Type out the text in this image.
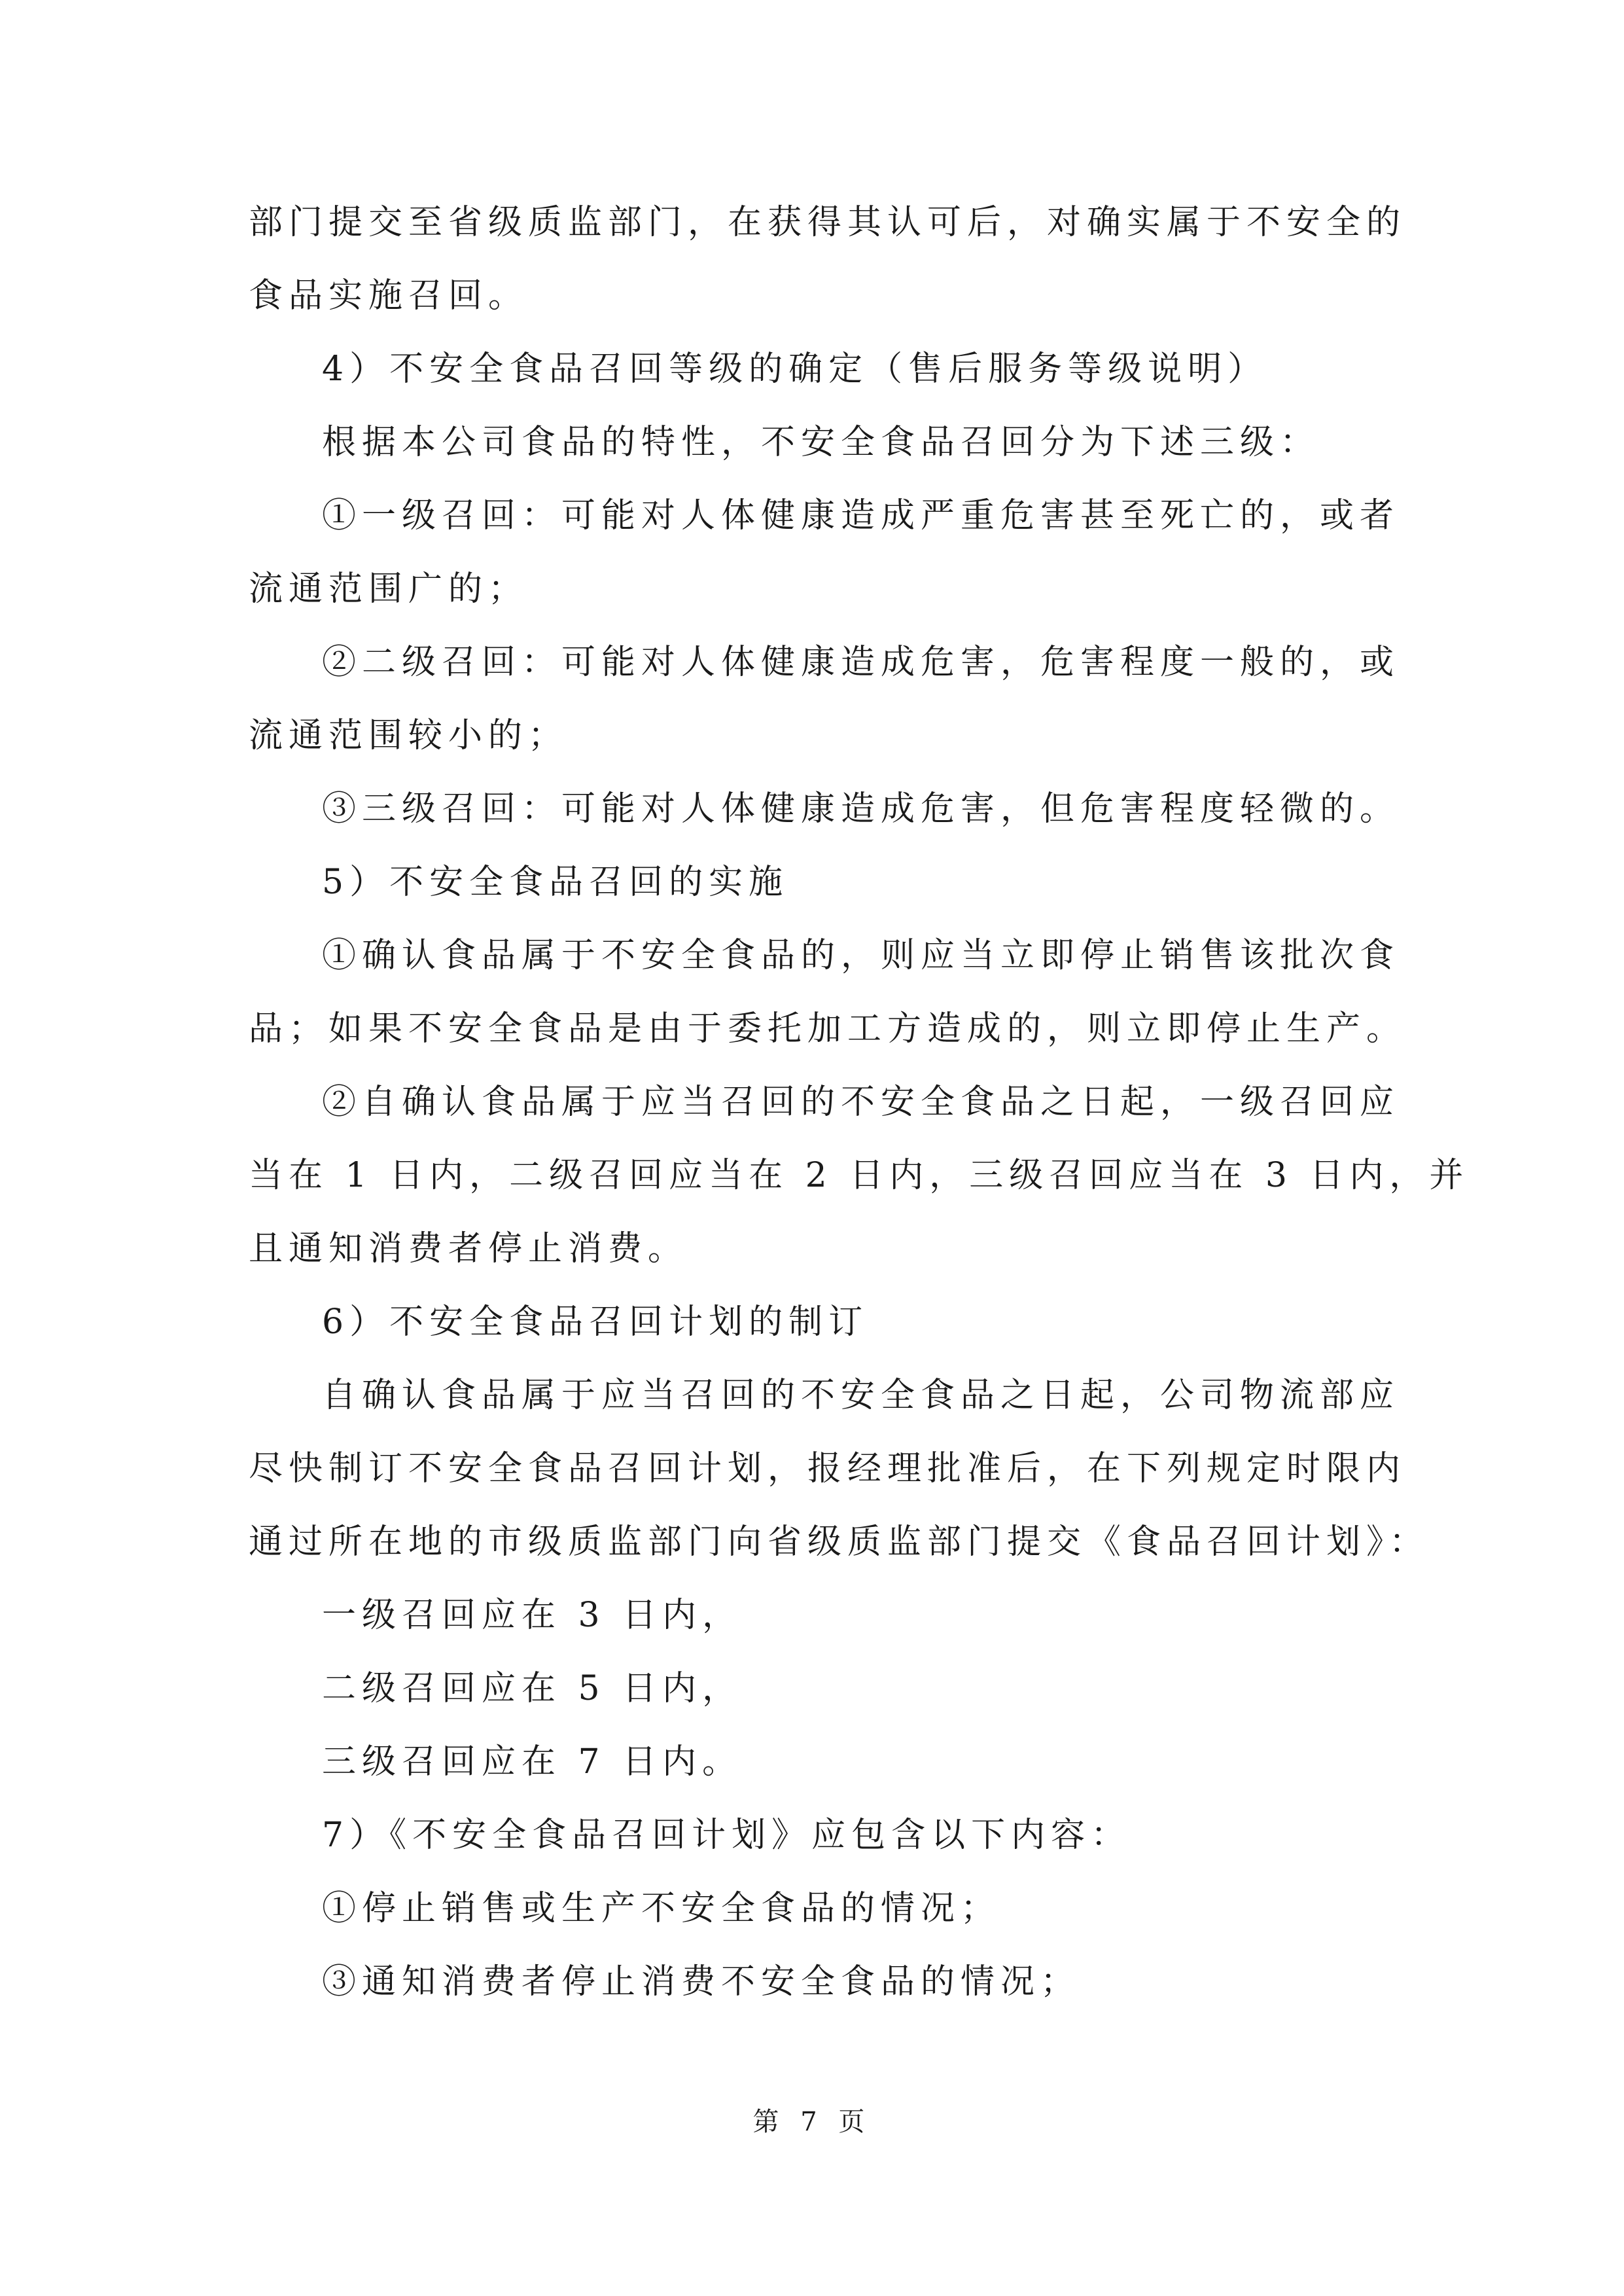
部门提交至省级质监部门，在获得其认可后，对确实属于不安全的

食品实施召回。

4）不安全食品召回等级的确定（售后服务等级说明）

根据本公司食品的特性，不安全食品召回分为下述三级：

①一级召回：可能对人体健康造成严重危害甚至死亡的，或者

流通范围广的；

②二级召回：可能对人体健康造成危害，危害程度一般的，或

流通范围较小的；

③三级召回：可能对人体健康造成危害，但危害程度轻微的。

5）不安全食品召回的实施

①确认食品属于不安全食品的，则应当立即停止销售该批次食

品；如果不安全食品是由于委托加工方造成的，则立即停止生产。

②自确认食品属于应当召回的不安全食品之日起，一级召回应

当在 1 日内，二级召回应当在 2 日内，三级召回应当在 3 日内，并

且通知消费者停止消费。

6）不安全食品召回计划的制订

自确认食品属于应当召回的不安全食品之日起，公司物流部应

尽快制订不安全食品召回计划，报经理批准后，在下列规定时限内

通过所在地的市级质监部门向省级质监部门提交《食品召回计划》：

一级召回应在 3 日内，

二级召回应在 5 日内，

三级召回应在 7 日内。

7）《不安全食品召回计划》应包含以下内容：

①停止销售或生产不安全食品的情况；

③通知消费者停止消费不安全食品的情况；

第 7 页
